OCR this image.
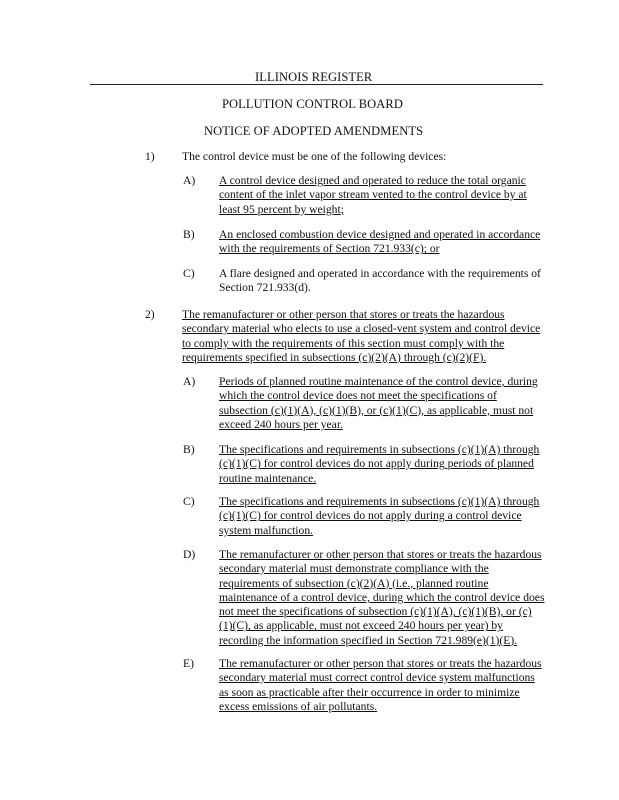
ILLINOIS REGISTER
POLLUTION CONTROL BOARD
NOTICE OF ADOPTED AMENDMENTS
1) The control device must be one of the following devices:
A) A control device designed and operated to reduce the total organic content of the inlet vapor stream vented to the control device by at least 95 percent by weight;
B) An enclosed combustion device designed and operated in accordance with the requirements of Section 721.933(c); or
C) A flare designed and operated in accordance with the requirements of Section 721.933(d).
2) The remanufacturer or other person that stores or treats the hazardous secondary material who elects to use a closed-vent system and control device to comply with the requirements of this section must comply with the requirements specified in subsections (c)(2)(A) through (c)(2)(F).
A) Periods of planned routine maintenance of the control device, during which the control device does not meet the specifications of subsection (c)(1)(A), (c)(1)(B), or (c)(1)(C), as applicable, must not exceed 240 hours per year.
B) The specifications and requirements in subsections (c)(1)(A) through (c)(1)(C) for control devices do not apply during periods of planned routine maintenance.
C) The specifications and requirements in subsections (c)(1)(A) through (c)(1)(C) for control devices do not apply during a control device system malfunction.
D) The remanufacturer or other person that stores or treats the hazardous secondary material must demonstrate compliance with the requirements of subsection (c)(2)(A) (i.e., planned routine maintenance of a control device, during which the control device does not meet the specifications of subsection (c)(1)(A), (c)(1)(B), or (c)(1)(C), as applicable, must not exceed 240 hours per year) by recording the information specified in Section 721.989(e)(1)(E).
E) The remanufacturer or other person that stores or treats the hazardous secondary material must correct control device system malfunctions as soon as practicable after their occurrence in order to minimize excess emissions of air pollutants.
